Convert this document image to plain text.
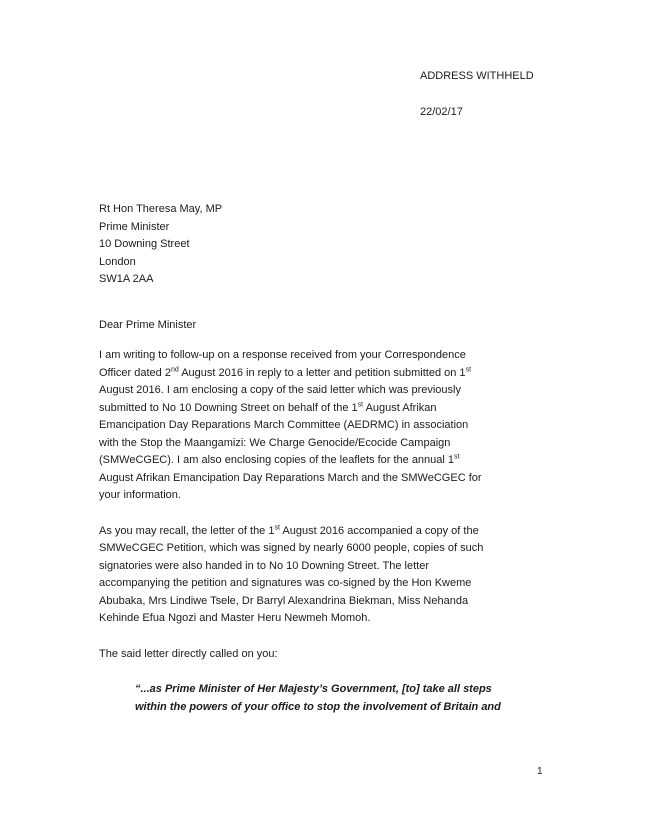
ADDRESS WITHHELD
22/02/17
Rt Hon Theresa May, MP
Prime Minister
10 Downing Street
London
SW1A 2AA
Dear Prime Minister
I am writing to follow-up on a response received from your Correspondence
Officer dated 2nd August 2016 in reply to a letter and petition submitted on 1st
August 2016. I am enclosing a copy of the said letter which was previously
submitted to No 10 Downing Street on behalf of the 1st August Afrikan
Emancipation Day Reparations March Committee (AEDRMC) in association
with the Stop the Maangamizi: We Charge Genocide/Ecocide Campaign
(SMWeCGEC). I am also enclosing copies of the leaflets for the annual 1st
August Afrikan Emancipation Day Reparations March and the SMWeCGEC for
your information.
As you may recall, the letter of the 1st August 2016 accompanied a copy of the
SMWeCGEC Petition, which was signed by nearly 6000 people, copies of such
signatories were also handed in to No 10 Downing Street. The letter
accompanying the petition and signatures was co-signed by the Hon Kweme
Abubaka, Mrs Lindiwe Tsele, Dr Barryl Alexandrina Biekman, Miss Nehanda
Kehinde Efua Ngozi and Master Heru Newmeh Momoh.
The said letter directly called on you:
“...as Prime Minister of Her Majesty’s Government, [to] take all steps
within the powers of your office to stop the involvement of Britain and
1
